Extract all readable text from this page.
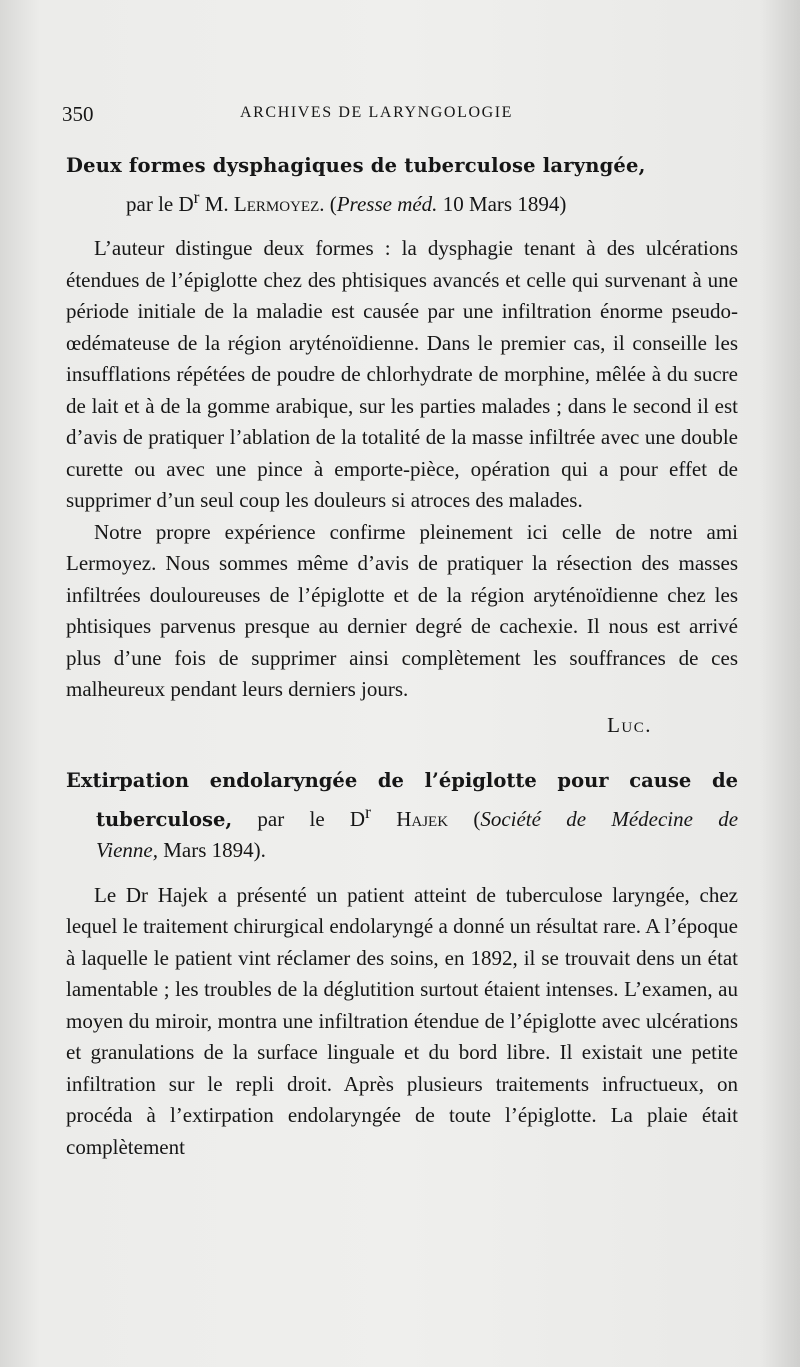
350	ARCHIVES DE LARYNGOLOGIE

Deux formes dysphagiques de tuberculose laryngée,

par le $D^r$ M. Lermoyez. (Presse méd. 10 Mars 1894)

L’auteur distingue deux formes : la dysphagie tenant à des ulcérations étendues de l’épiglotte chez des phtisiques avancés et celle qui survenant à une période initiale de la maladie est causée par une infiltration énorme pseudo-œdémateuse de la région aryténoïdienne. Dans le premier cas, il conseille les insufflations répétées de poudre de chlorhydrate de morphine, mêlée à du sucre de lait et à de la gomme arabique, sur les parties malades ; dans le second il est d’avis de pratiquer l’ablation de la totalité de la masse infiltrée avec une double curette ou avec une pince à emporte-pièce, opération qui a pour effet de supprimer d’un seul coup les douleurs si atroces des malades.

Notre propre expérience confirme pleinement ici celle de notre ami Lermoyez. Nous sommes même d’avis de pratiquer la résection des masses infiltrées douloureuses de l’épiglotte et de la région aryténoïdienne chez les phtisiques parvenus presque au dernier degré de cachexie. Il nous est arrivé plus d’une fois de supprimer ainsi complètement les souffrances de ces malheureux pendant leurs derniers jours.

Luc.

Extirpation endolaryngée de l’épiglotte pour cause de

tuberculose, par le $D^r$ Hajek (Société de Médecine de

Vienne, Mars 1894).

Le Dr Hajek a présenté un patient atteint de tuberculose laryngée, chez lequel le traitement chirurgical endolaryngé a donné un résultat rare. A l’époque à laquelle le patient vint réclamer des soins, en 1892, il se trouvait dens un état lamentable ; les troubles de la déglutition surtout étaient intenses. L’examen, au moyen du miroir, montra une infiltration étendue de l’épiglotte avec ulcérations et granulations de la surface linguale et du bord libre. Il existait une petite infiltration sur le repli droit. Après plusieurs traitements infructueux, on procéda à l’extirpation endolaryngée de toute l’épiglotte. La plaie était complètement
